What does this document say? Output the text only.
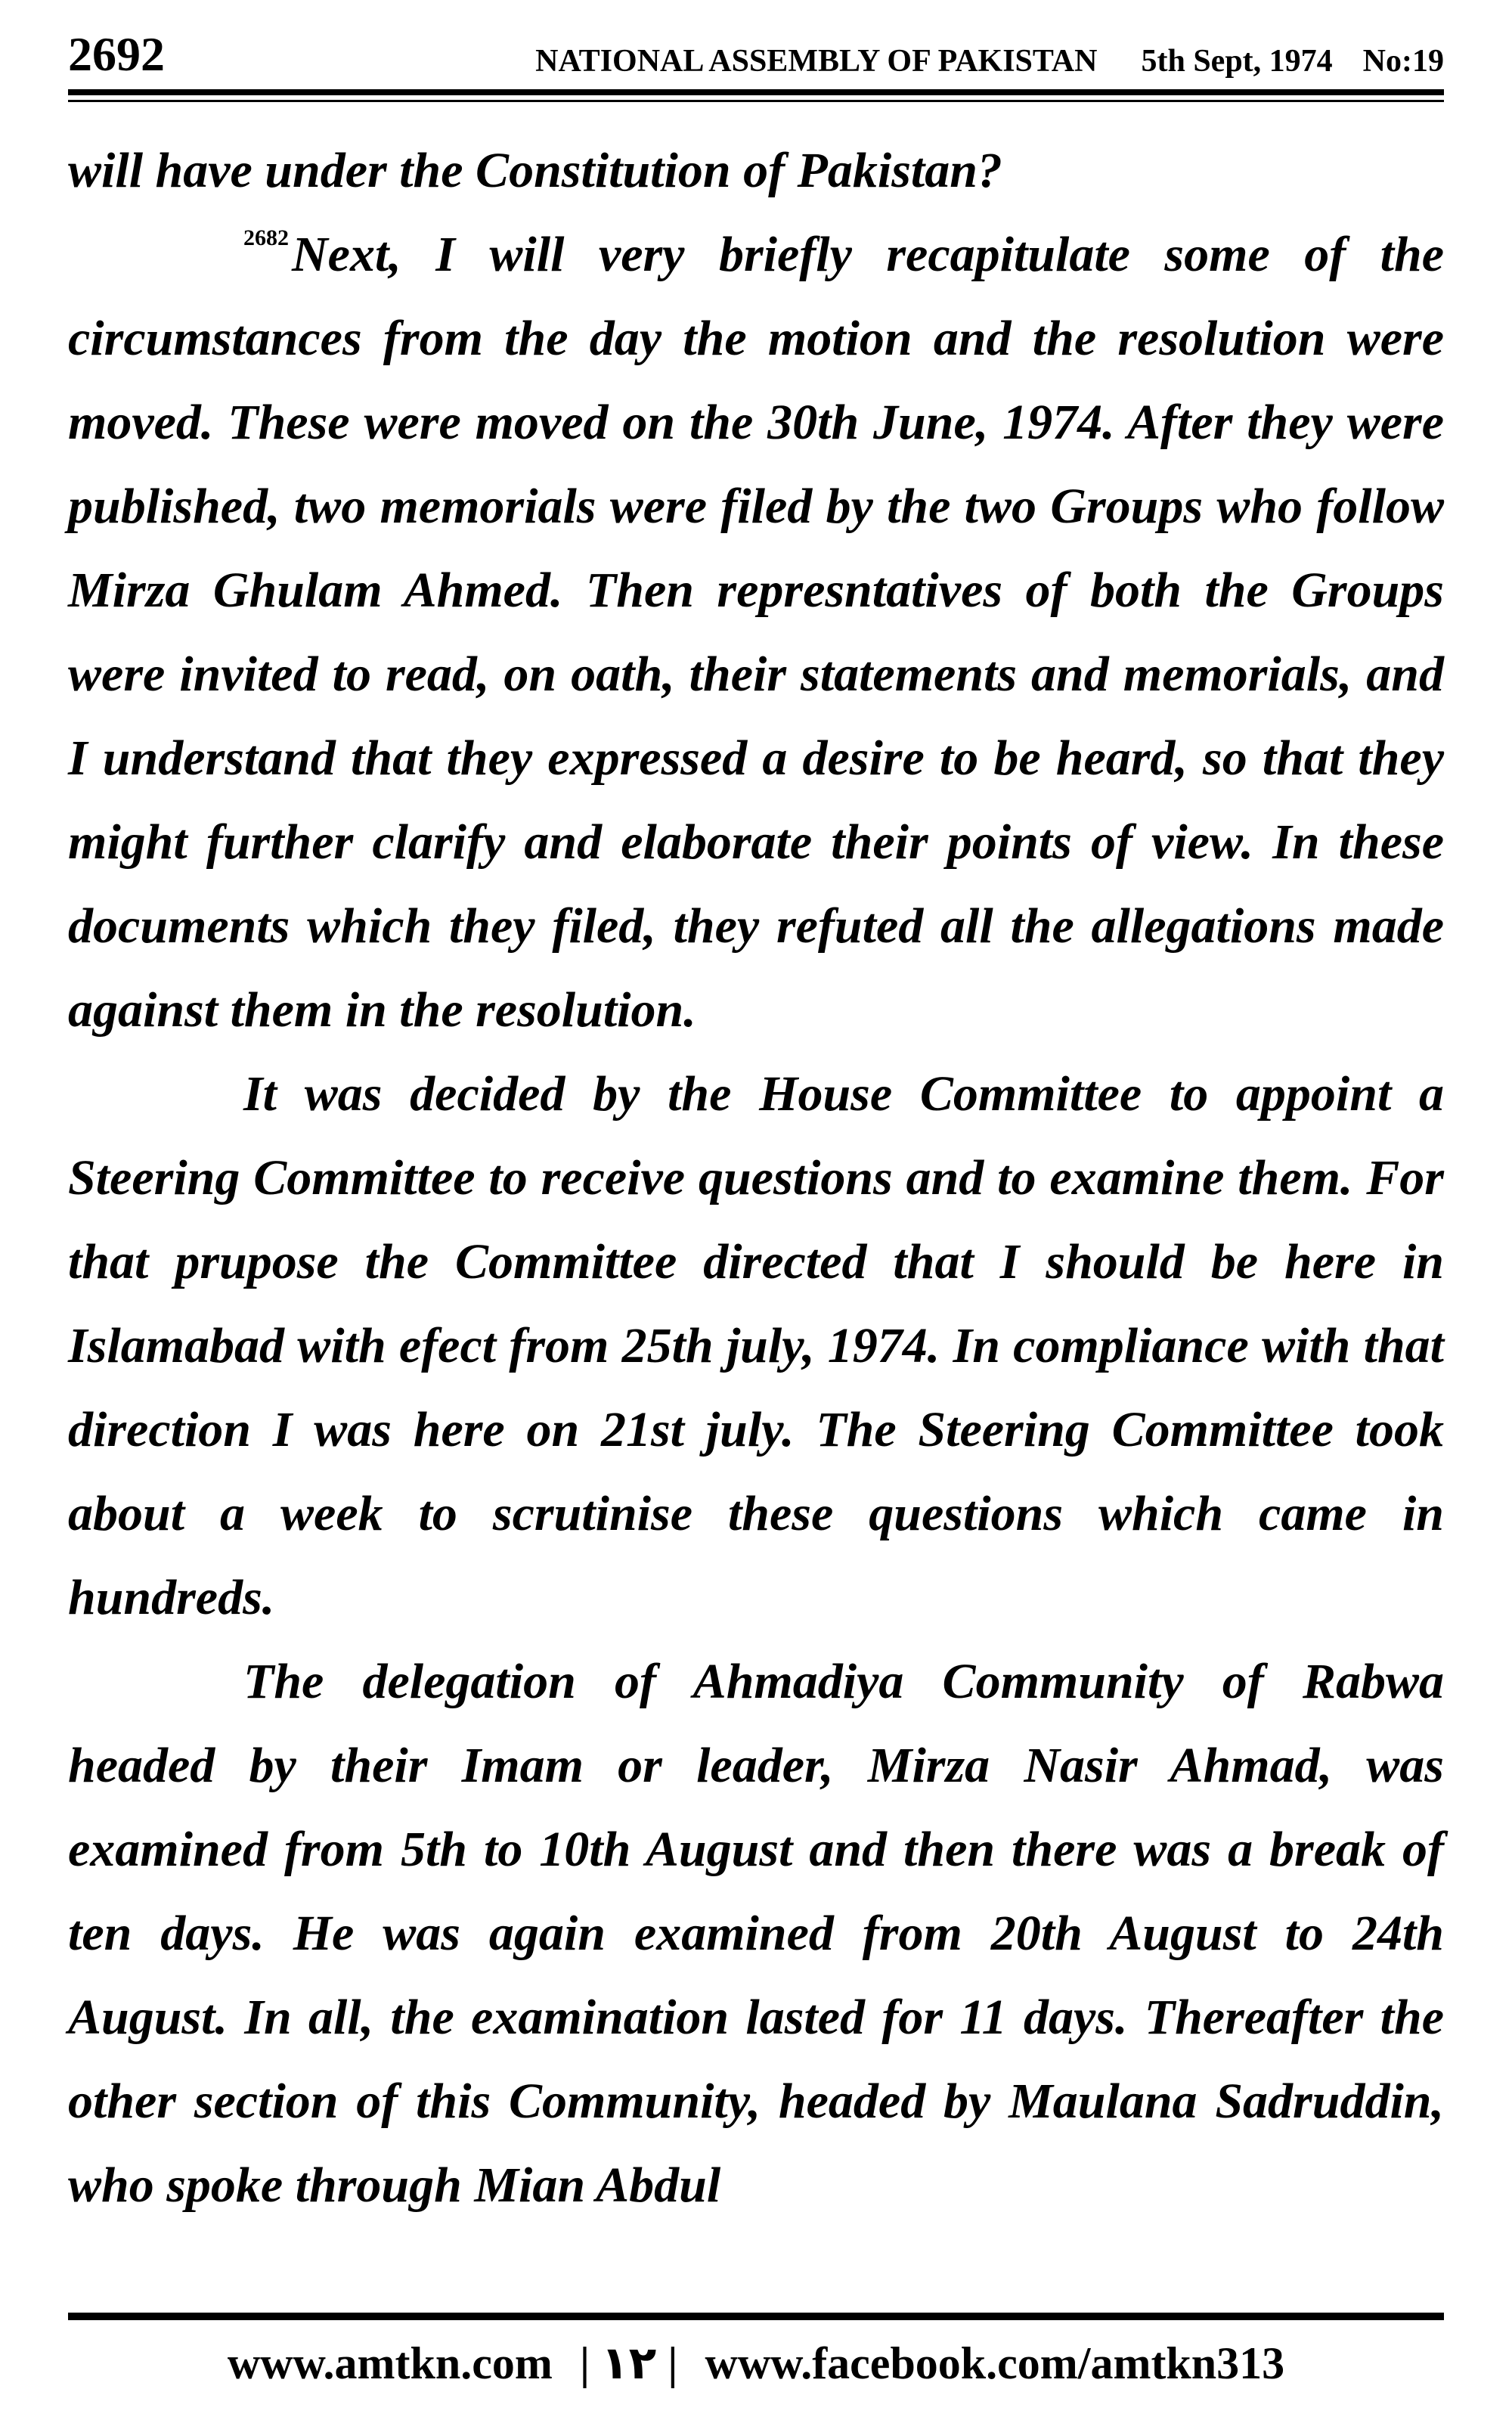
2692	NATIONAL ASSEMBLY OF PAKISTAN 5th Sept, 1974 No:19

will have under the Constitution of Pakistan?

$^{2682}$Next, I will very briefly recapitulate some of the circumstances from the day the motion and the resolution were moved. These were moved on the 30th June, 1974. After they were published, two memorials were filed by the two Groups who follow Mirza Ghulam Ahmed. Then represntatives of both the Groups were invited to read, on oath, their statements and memorials, and I understand that they expressed a desire to be heard, so that they might further clarify and elaborate their points of view. In these documents which they filed, they refuted all the allegations made against them in the resolution.

It was decided by the House Committee to appoint a Steering Committee to receive questions and to examine them. For that prupose the Committee directed that I should be here in Islamabad with efect from 25th july, 1974. In compliance with that direction I was here on 21st july. The Steering Committee took about a week to scrutinise these questions which came in hundreds.

The delegation of Ahmadiya Community of Rabwa headed by their Imam or leader, Mirza Nasir Ahmad, was examined from 5th to 10th August and then there was a break of ten days. He was again examined from 20th August to 24th August. In all, the examination lasted for 11 days. Thereafter the other section of this Community, headed by Maulana Sadruddin, who spoke through Mian Abdul

www.amtkn.com | ۱۲ | www.facebook.com/amtkn313
